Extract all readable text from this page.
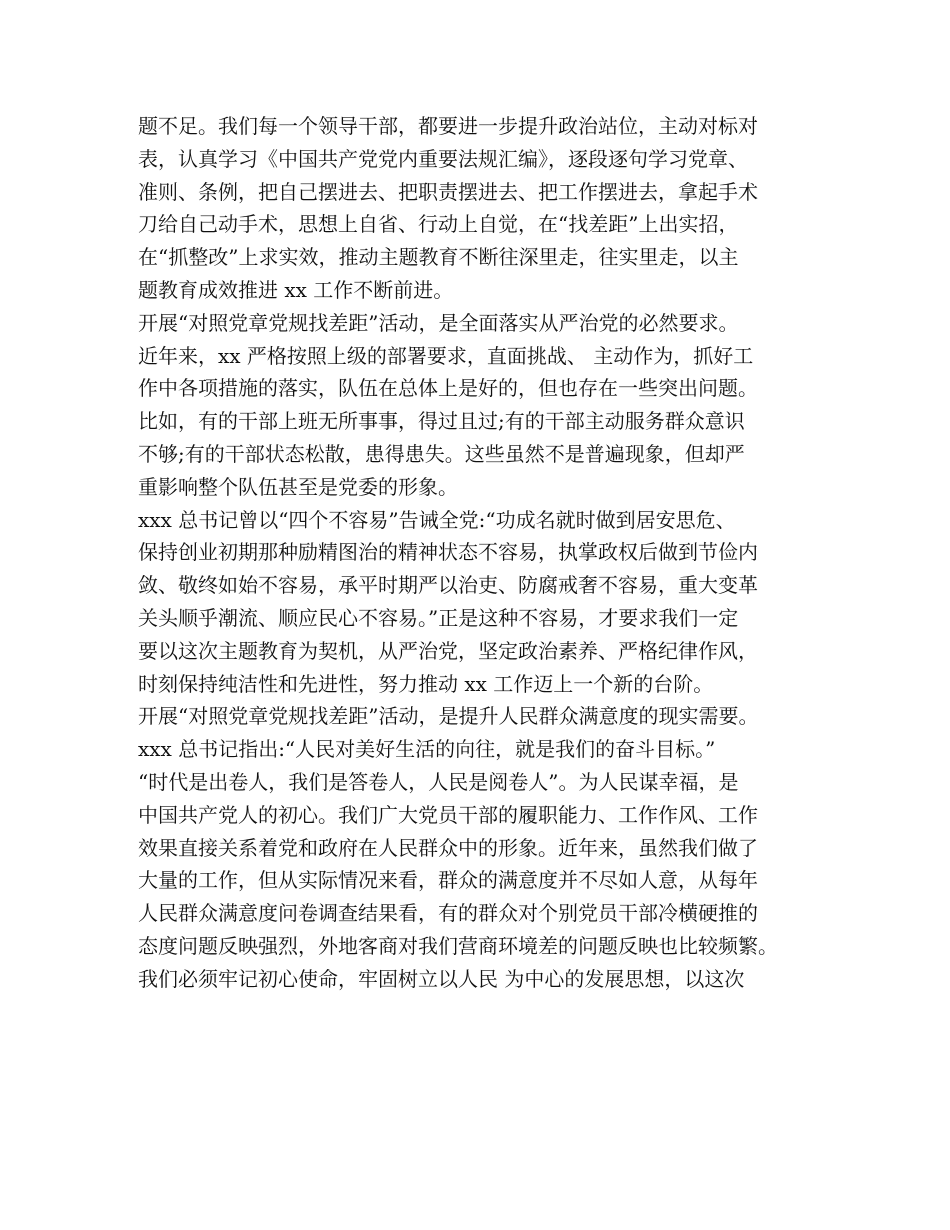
题不足。我们每一个领导干部，都要进一步提升政治站位，主动对标对
表，认真学习《中国共产党党内重要法规汇编》，逐段逐句学习党章、
准则、条例，把自己摆进去、把职责摆进去、把工作摆进去，拿起手术
刀给自己动手术，思想上自省、行动上自觉，在“找差距”上出实招，
在“抓整改”上求实效，推动主题教育不断往深里走，往实里走，以主
题教育成效推进 xx 工作不断前进。
开展“对照党章党规找差距”活动，是全面落实从严治党的必然要求。
近年来，xx 严格按照上级的部署要求，直面挑战、 主动作为，抓好工
作中各项措施的落实，队伍在总体上是好的，但也存在一些突出问题。
比如，有的干部上班无所事事，得过且过;有的干部主动服务群众意识
不够;有的干部状态松散，患得患失。这些虽然不是普遍现象，但却严
重影响整个队伍甚至是党委的形象。
xxx 总书记曾以“四个不容易”告诫全党:“功成名就时做到居安思危、
保持创业初期那种励精图治的精神状态不容易，执掌政权后做到节俭内
敛、敬终如始不容易，承平时期严以治吏、防腐戒奢不容易，重大变革
关头顺乎潮流、顺应民心不容易。”正是这种不容易，才要求我们一定
要以这次主题教育为契机，从严治党，坚定政治素养、严格纪律作风，
时刻保持纯洁性和先进性，努力推动 xx 工作迈上一个新的台阶。
开展“对照党章党规找差距”活动，是提升人民群众满意度的现实需要。
xxx 总书记指出:“人民对美好生活的向往，就是我们的奋斗目标。”
“时代是出卷人，我们是答卷人，人民是阅卷人”。为人民谋幸福，是
中国共产党人的初心。我们广大党员干部的履职能力、工作作风、工作
效果直接关系着党和政府在人民群众中的形象。近年来，虽然我们做了
大量的工作，但从实际情况来看，群众的满意度并不尽如人意，从每年
人民群众满意度问卷调查结果看，有的群众对个别党员干部冷横硬推的
态度问题反映强烈，外地客商对我们营商环境差的问题反映也比较频繁。
我们必须牢记初心使命，牢固树立以人民 为中心的发展思想，以这次
